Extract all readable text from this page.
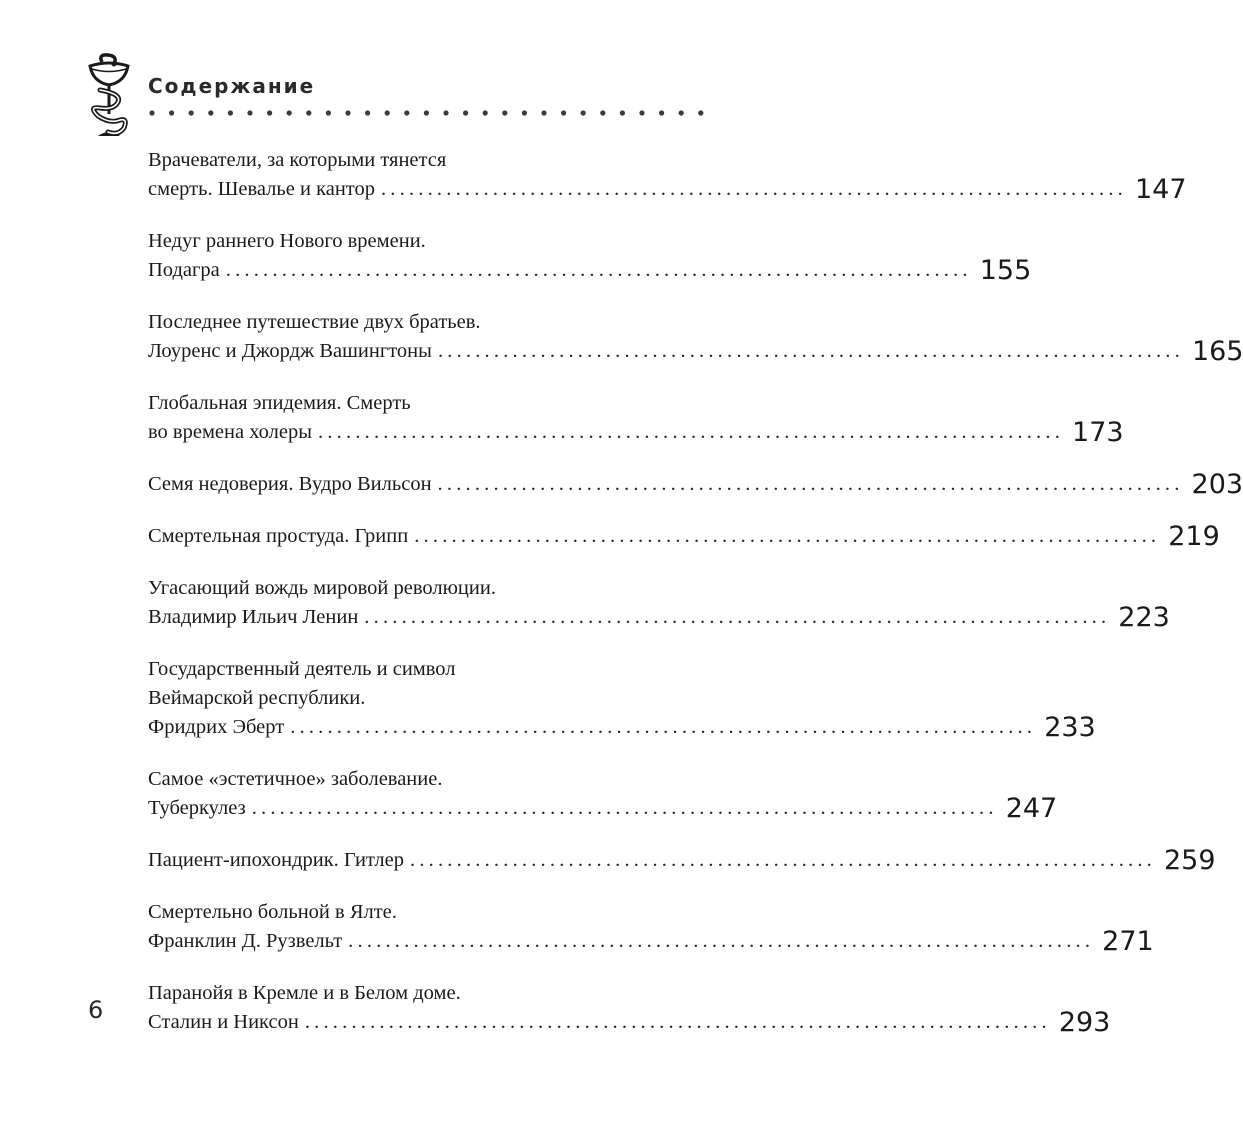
Содержание
Врачеватели, за которыми тянется
смерть. Шевалье и кантор ................................................................................ 147
Недуг раннего Нового времени.
Подагра ................................................................................ 155
Последнее путешествие двух братьев.
Лоуренс и Джордж Вашингтоны ................................................................................ 165
Глобальная эпидемия. Смерть
во времена холеры ................................................................................ 173
Семя недоверия. Вудро Вильсон ................................................................................ 203
Смертельная простуда. Грипп ................................................................................ 219
Угасающий вождь мировой революции.
Владимир Ильич Ленин ................................................................................ 223
Государственный деятель и символ
Веймарской республики.
Фридрих Эберт ................................................................................ 233
Самое «эстетичное» заболевание.
Туберкулез ................................................................................ 247
Пациент-ипохондрик. Гитлер ................................................................................ 259
Смертельно больной в Ялте.
Франклин Д. Рузвельт ................................................................................ 271
Паранойя в Кремле и в Белом доме.
Сталин и Никсон ................................................................................ 293
6
